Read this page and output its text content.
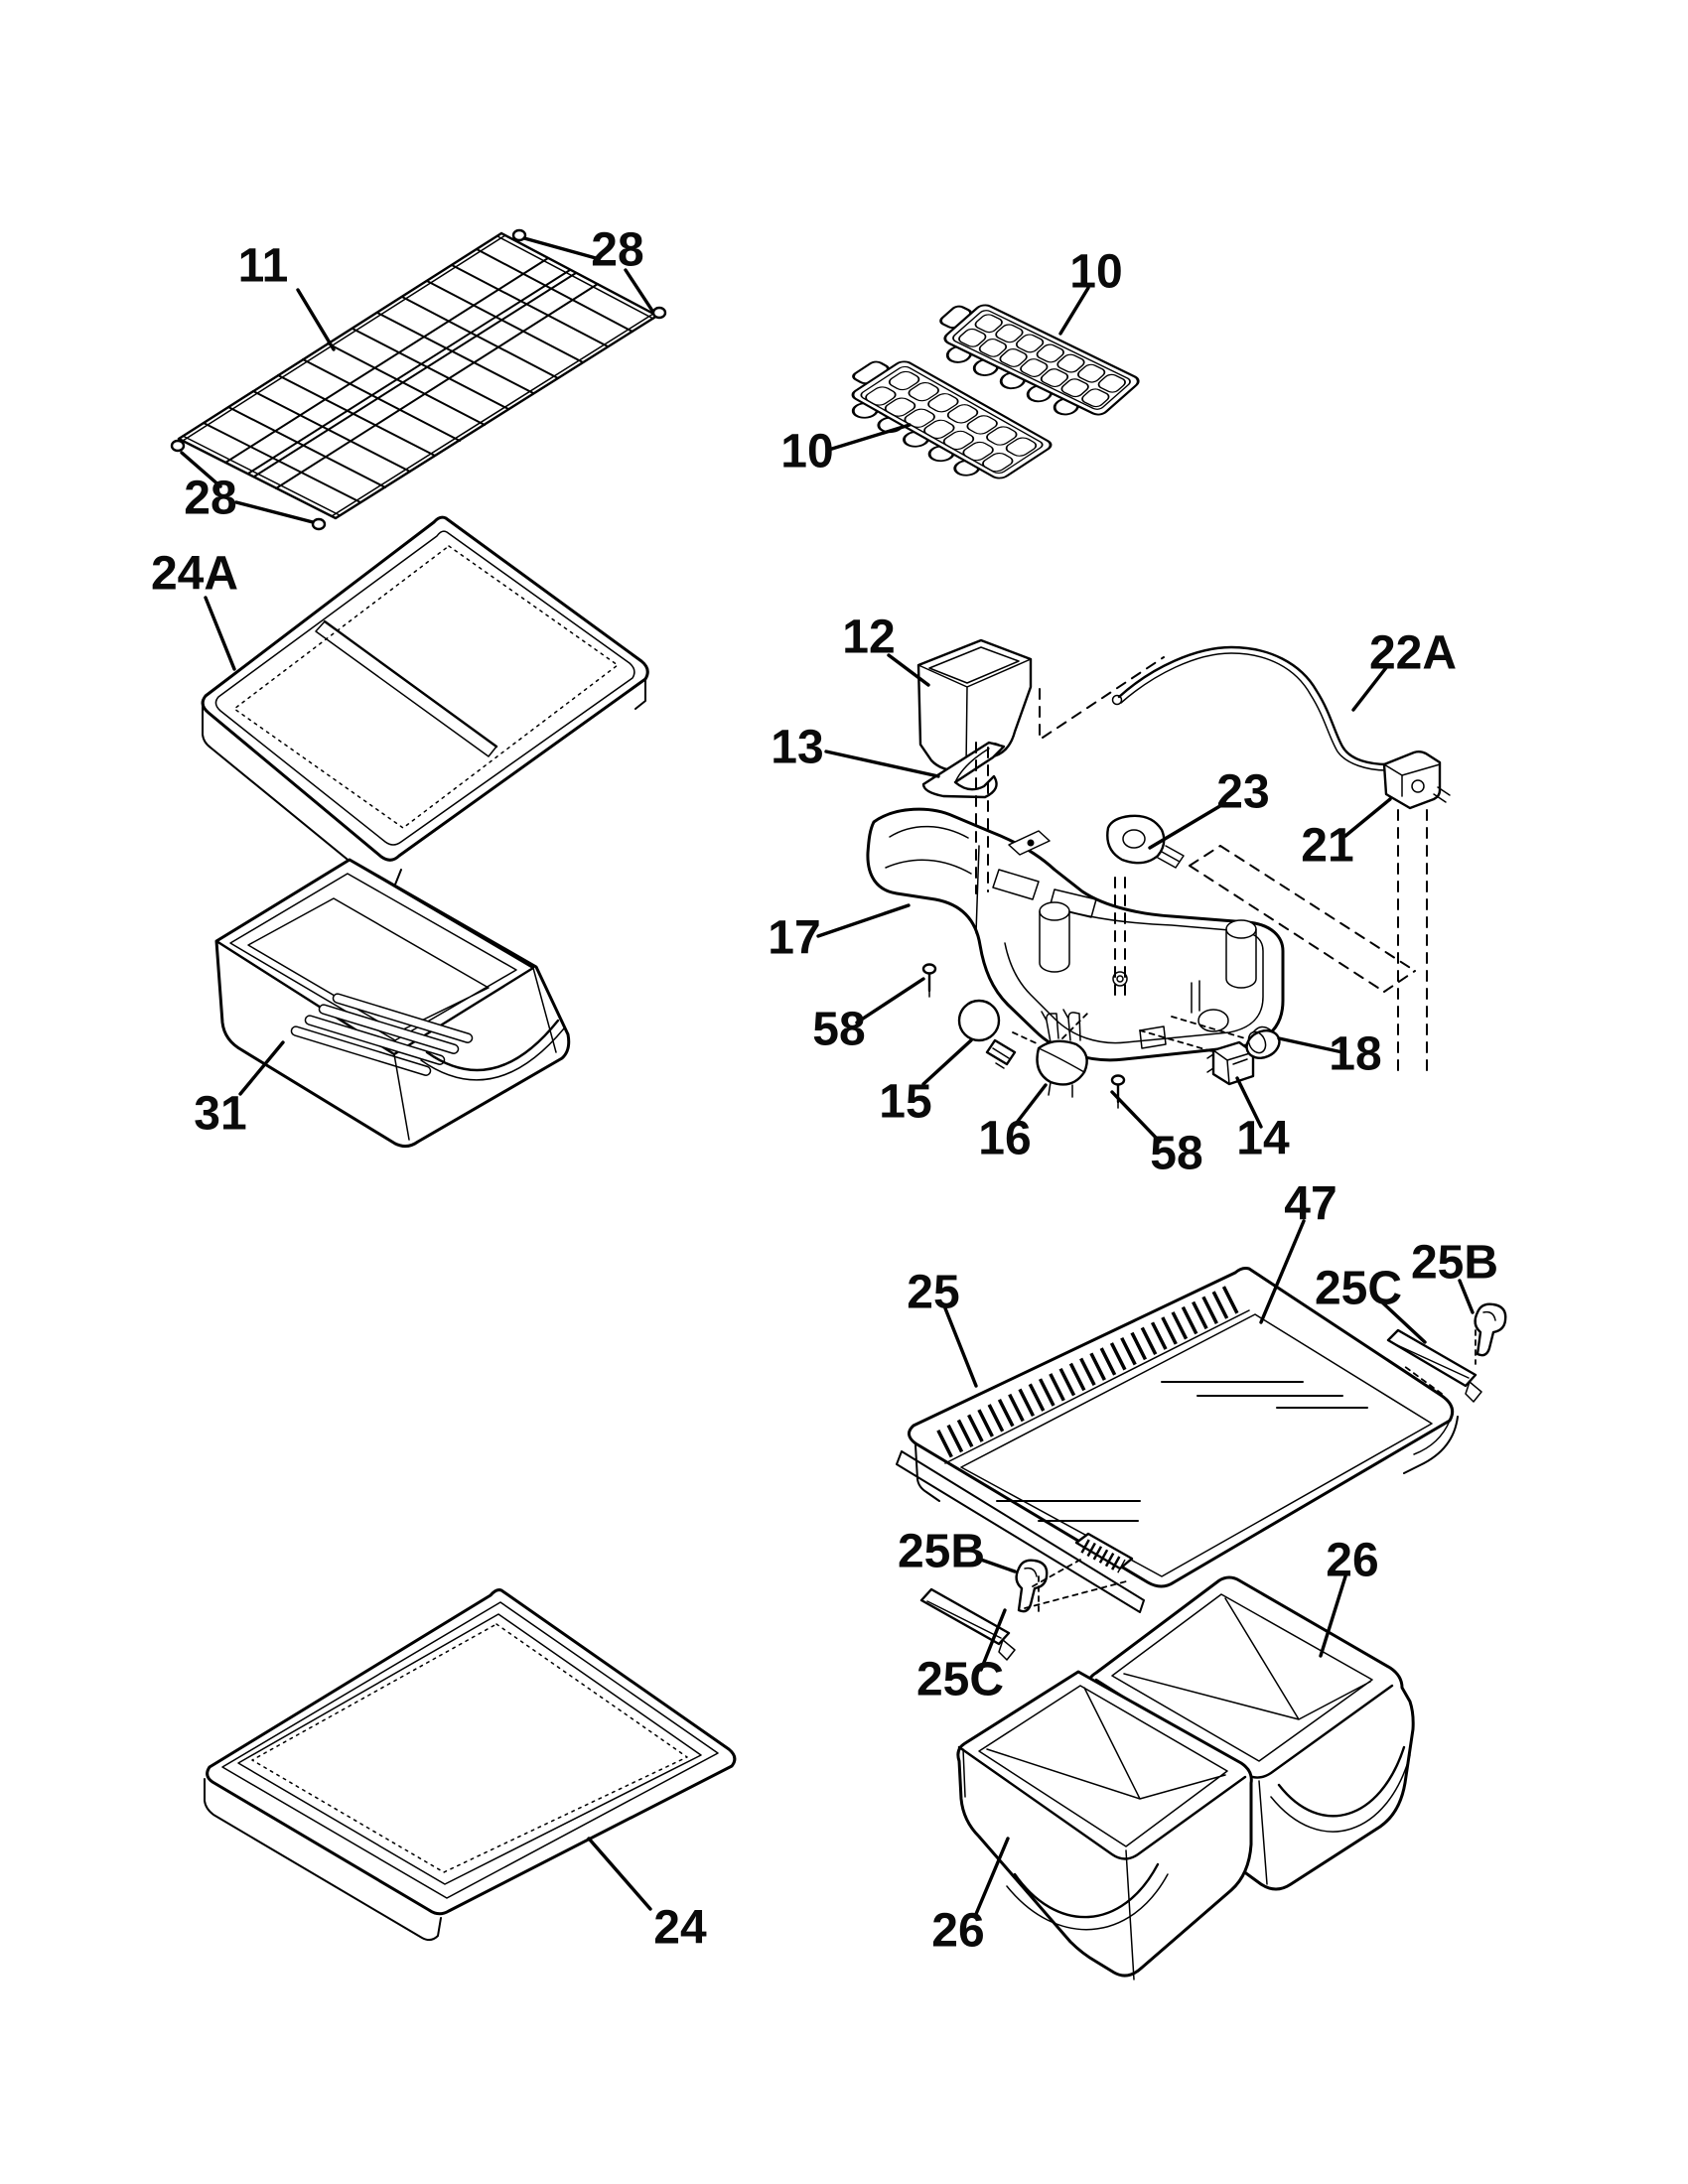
11	28
28
10
10
24A
31
12
13
22A
23
21
17
58
15
16 58 14
18
47
25	25C 25B
25B
25C
26
26
24
